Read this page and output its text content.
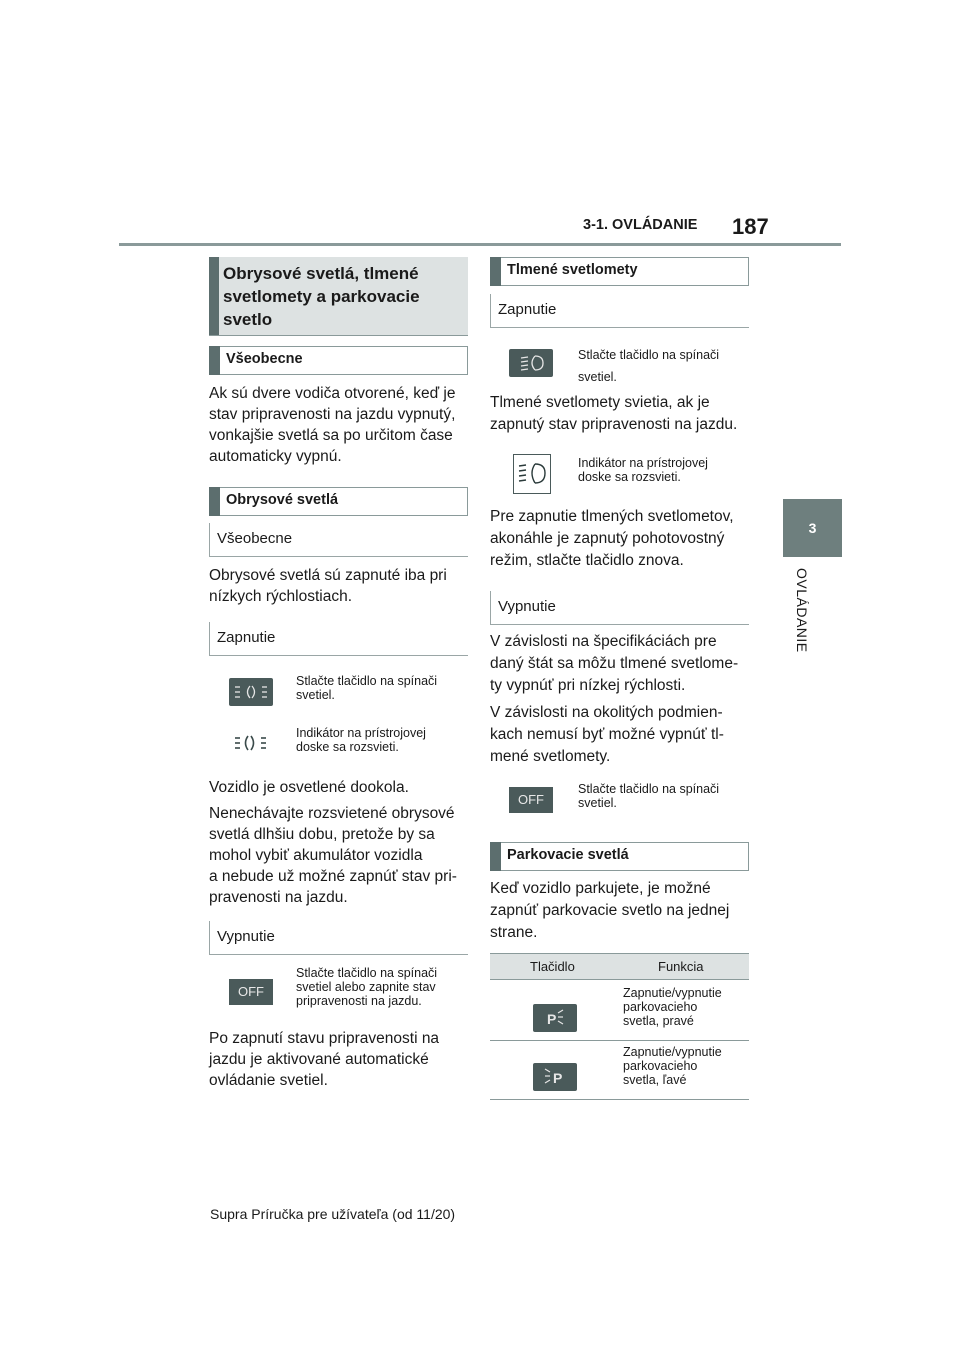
3-1. OVLÁDANIE 187
3
OVLÁDANIE
Obrysové svetlá, tlmené svetlomety a parkovacie svetlo
Všeobecne
Ak sú dvere vodiča otvorené, keď je
stav pripravenosti na jazdu vypnutý,
vonkajšie svetlá sa po určitom čase
automaticky vypnú.
Obrysové svetlá
Všeobecne
Obrysové svetlá sú zapnuté iba pri
nízkych rýchlostiach.
Zapnutie
Stlačte tlačidlo na spínači
svetiel.
Indikátor na prístrojovej
doske sa rozsvieti.
Vozidlo je osvetlené dookola.
Nenechávajte rozsvietené obrysové
svetlá dlhšiu dobu, pretože by sa
mohol vybiť akumulátor vozidla
a nebude už možné zapnúť stav pri-
pravenosti na jazdu.
Vypnutie
OFF
Stlačte tlačidlo na spínači
svetiel alebo zapnite stav
pripravenosti na jazdu.
Po zapnutí stavu pripravenosti na
jazdu je aktivované automatické
ovládanie svetiel.
Tlmené svetlomety
Zapnutie
Stlačte tlačidlo na spínači
svetiel.
Tlmené svetlomety svietia, ak je
zapnutý stav pripravenosti na jazdu.
Indikátor na prístrojovej
doske sa rozsvieti.
Pre zapnutie tlmených svetlometov,
akonáhle je zapnutý pohotovostný
režim, stlačte tlačidlo znova.
Vypnutie
V závislosti na špecifikáciách pre
daný štát sa môžu tlmené svetlome-
ty vypnúť pri nízkej rýchlosti.
V závislosti na okolitých podmien-
kach nemusí byť možné vypnúť tl-
mené svetlomety.
OFF
Stlačte tlačidlo na spínači
svetiel.
Parkovacie svetlá
Keď vozidlo parkujete, je možné
zapnúť parkovacie svetlo na jednej
strane.
Tlačidlo	Funkcia
P
Zapnutie/vypnutie
parkovacieho
svetla, pravé
P
Zapnutie/vypnutie
parkovacieho
svetla, ľavé
Supra Príručka pre užívateľa (od 11/20)
